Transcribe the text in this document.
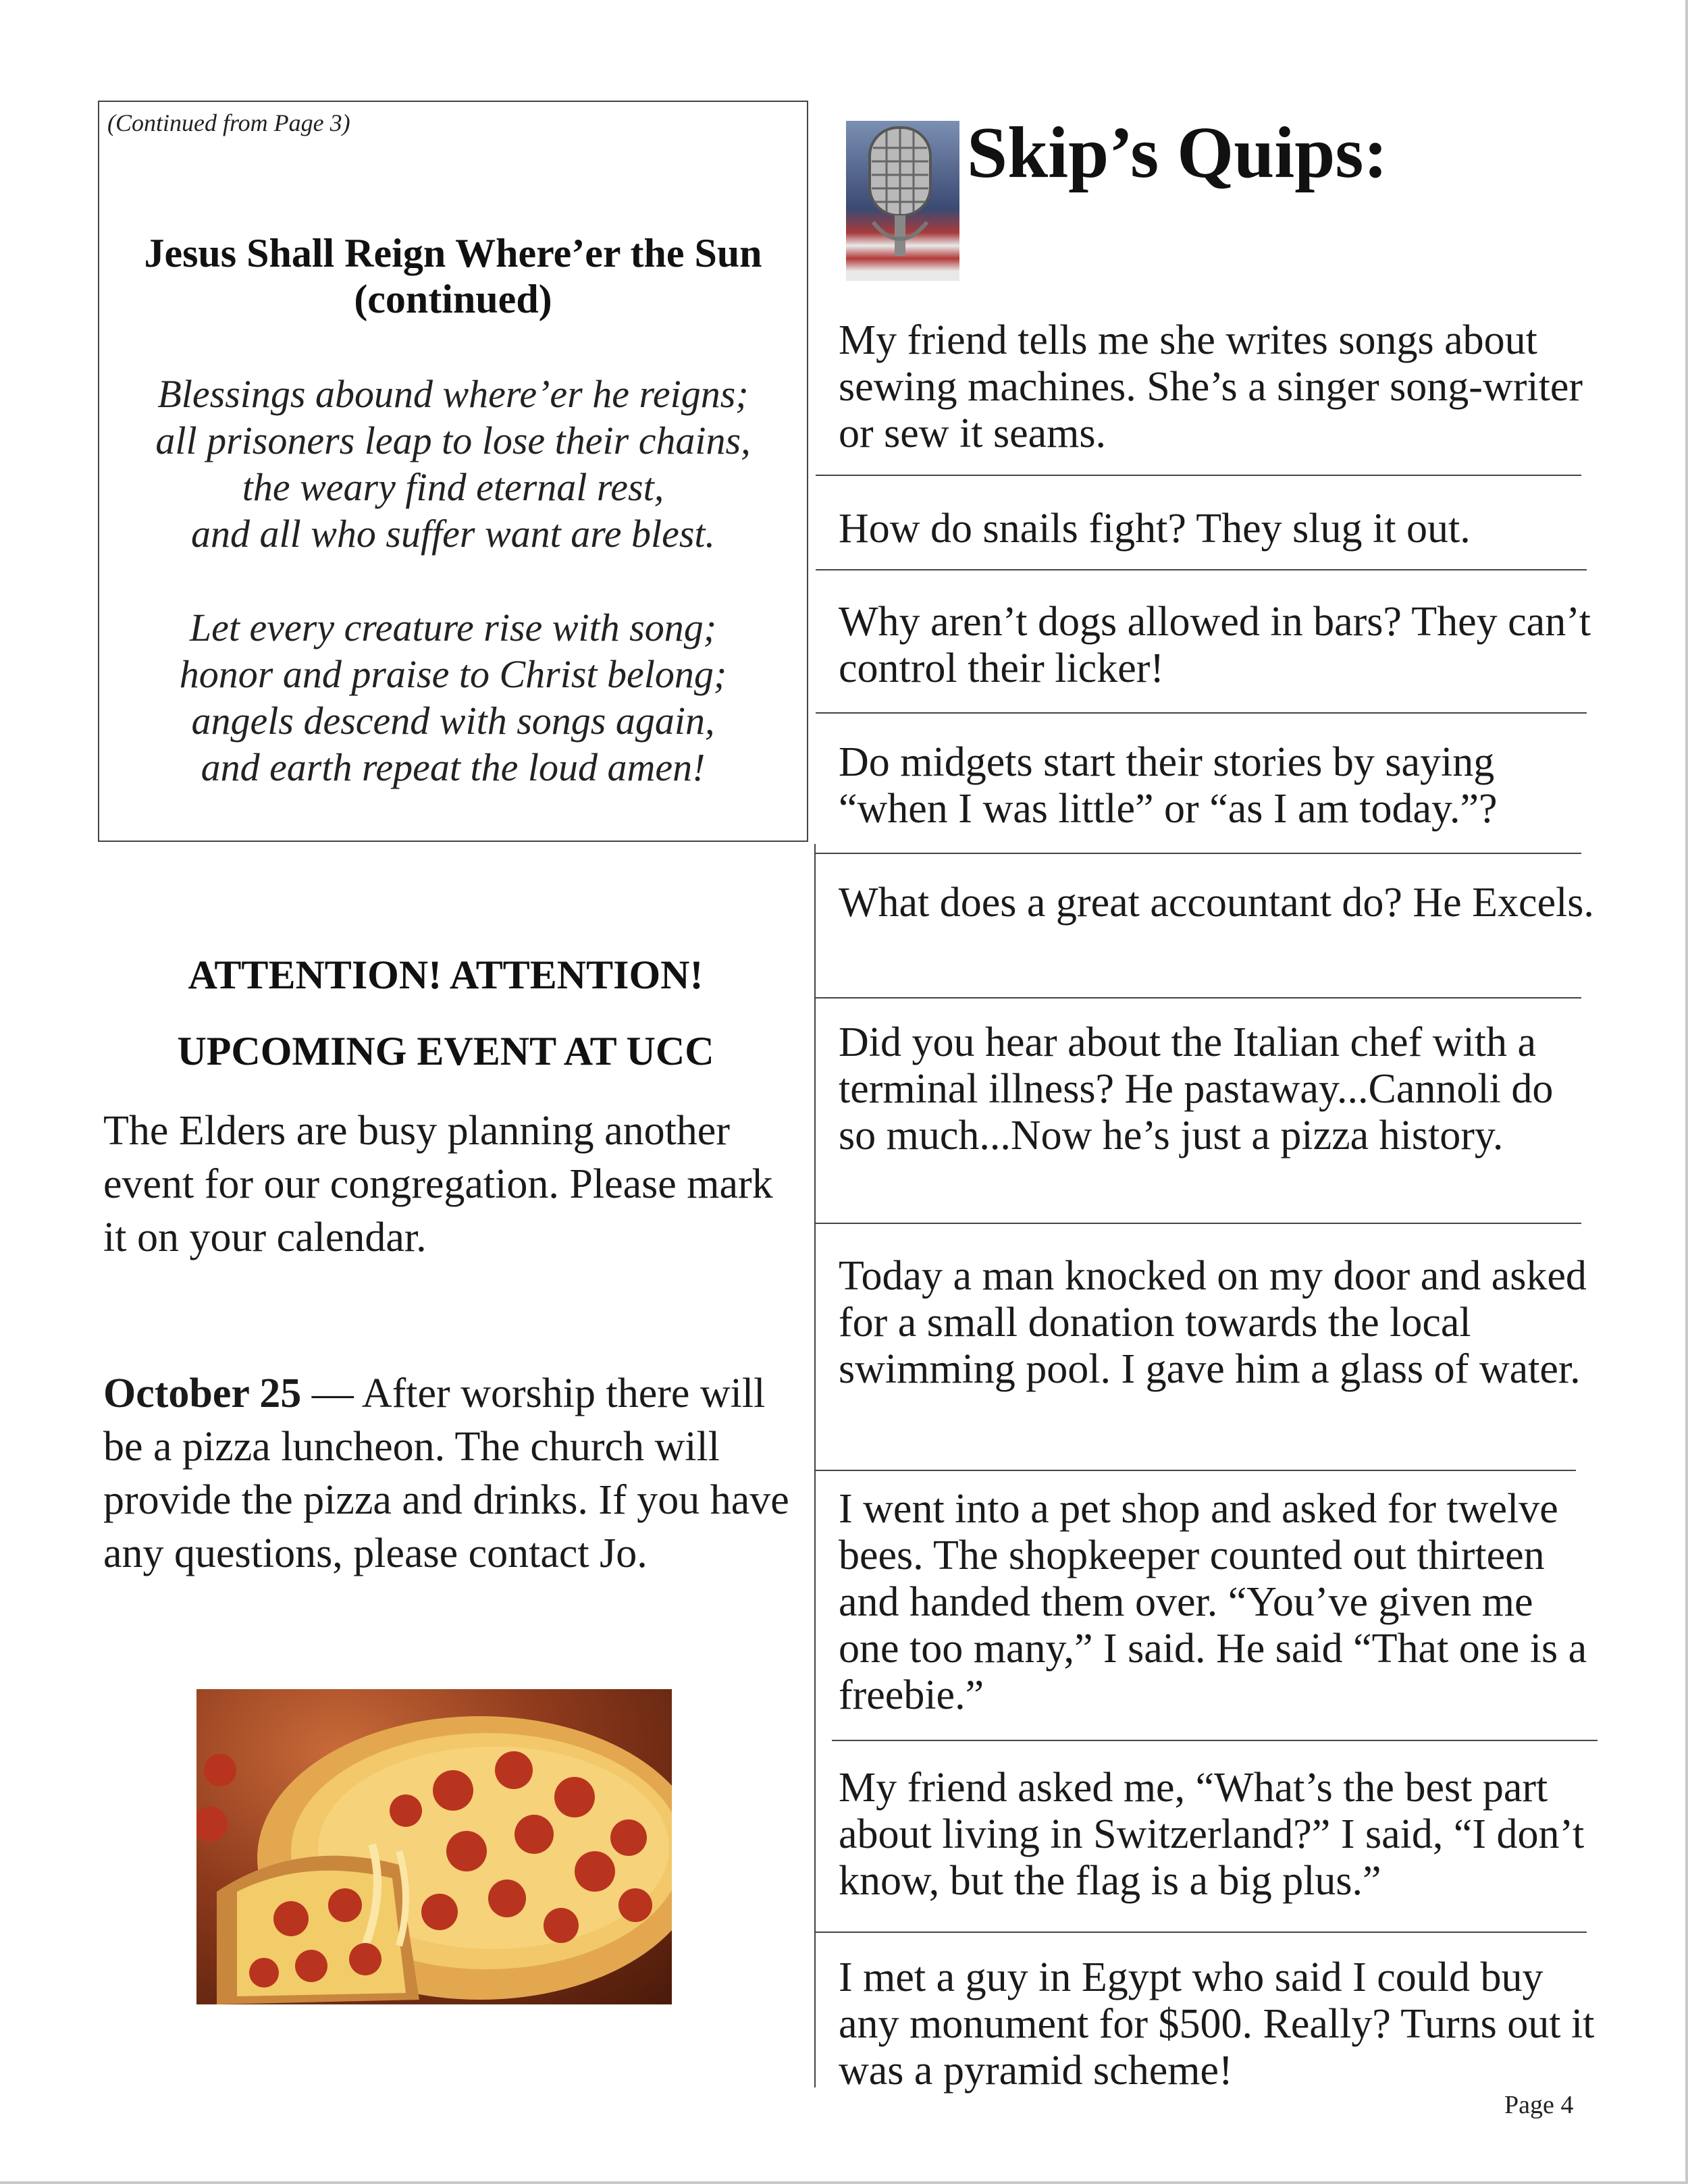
(Continued from Page 3)
Jesus Shall Reign Where’er the Sun
(continued)
Blessings abound where’er he reigns;
all prisoners leap to lose their chains,
the weary find eternal rest,
and all who suffer want are blest.
Let every creature rise with song;
honor and praise to Christ belong;
angels descend with songs again,
and earth repeat the loud amen!
ATTENTION! ATTENTION!
UPCOMING EVENT AT UCC
The Elders are busy planning another event for our congregation. Please mark it on your calendar.
October 25 — After worship there will be a pizza luncheon. The church will provide the pizza and drinks. If you have any questions, please contact Jo.
Skip’s Quips:
My friend tells me she writes songs about sewing machines. She’s a singer song-writer or sew it seams.
How do snails fight? They slug it out.
Why aren’t dogs allowed in bars? They can’t control their licker!
Do midgets start their stories by saying “when I was little” or “as I am today.”?
What does a great accountant do? He Excels.
Did you hear about the Italian chef with a terminal illness? He pastaway...Cannoli do so much...Now he’s just a pizza history.
Today a man knocked on my door and asked for a small donation towards the local swimming pool. I gave him a glass of water.
I went into a pet shop and asked for twelve bees. The shopkeeper counted out thirteen and handed them over. “You’ve given me one too many,” I said. He said “That one is a freebie.”
My friend asked me, “What’s the best part about living in Switzerland?” I said, “I don’t know, but the flag is a big plus.”
I met a guy in Egypt who said I could buy any monument for $500. Really? Turns out it was a pyramid scheme!
Page 4
